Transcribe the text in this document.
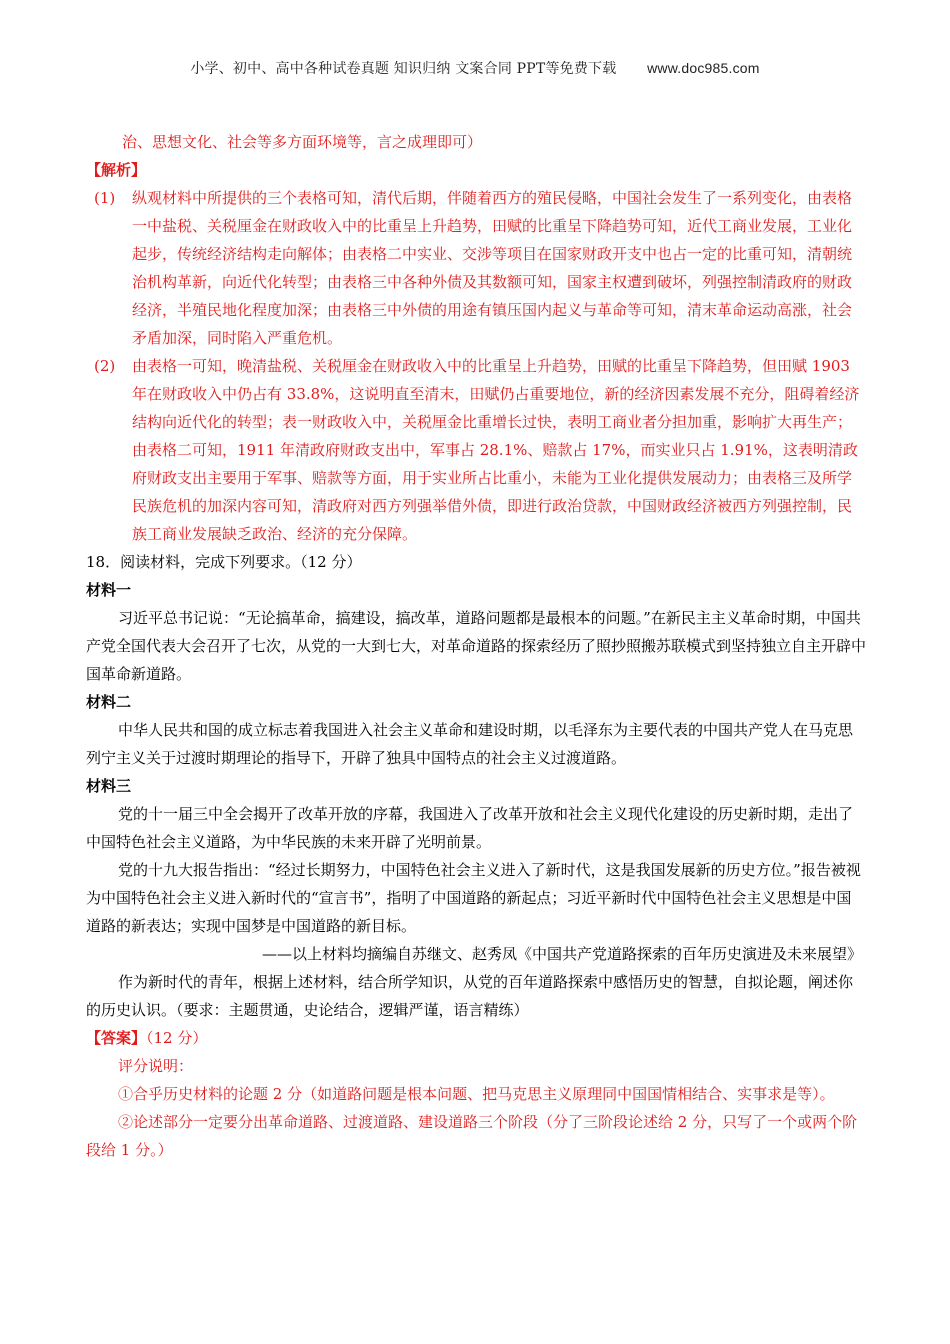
小学、初中、高中各种试卷真题 知识归纳 文案合同 PPT等免费下载 www.doc985.com

治、思想文化、社会等多方面环境等，言之成理即可）

【解析】

(1)	纵观材料中所提供的三个表格可知，清代后期，伴随着西方的殖民侵略，中国社会发生了一系列变化，由表格一中盐税、关税厘金在财政收入中的比重呈上升趋势，田赋的比重呈下降趋势可知，近代工商业发展，工业化起步，传统经济结构走向解体；由表格二中实业、交涉等项目在国家财政开支中也占一定的比重可知，清朝统治机构革新，向近代化转型；由表格三中各种外债及其数额可知，国家主权遭到破坏，列强控制清政府的财政经济，半殖民地化程度加深；由表格三中外债的用途有镇压国内起义与革命等可知，清末革命运动高涨，社会矛盾加深，同时陷入严重危机。
(2)	由表格一可知，晚清盐税、关税厘金在财政收入中的比重呈上升趋势，田赋的比重呈下降趋势，但田赋 1903 年在财政收入中仍占有 33.8%，这说明直至清末，田赋仍占重要地位，新的经济因素发展不充分，阻碍着经济结构向近代化的转型；表一财政收入中，关税厘金比重增长过快，表明工商业者分担加重，影响扩大再生产；由表格二可知，1911 年清政府财政支出中，军事占 28.1%、赔款占 17%，而实业只占 1.91%，这表明清政府财政支出主要用于军事、赔款等方面，用于实业所占比重小，未能为工业化提供发展动力；由表格三及所学民族危机的加深内容可知，清政府对西方列强举借外债，即进行政治贷款，中国财政经济被西方列强控制，民族工商业发展缺乏政治、经济的充分保障。

18．阅读材料，完成下列要求。（12 分）

材料一

习近平总书记说：“无论搞革命，搞建设，搞改革，道路问题都是最根本的问题。”在新民主主义革命时期，中国共产党全国代表大会召开了七次，从党的一大到七大，对革命道路的探索经历了照抄照搬苏联模式到坚持独立自主开辟中国革命新道路。

材料二

中华人民共和国的成立标志着我国进入社会主义革命和建设时期，以毛泽东为主要代表的中国共产党人在马克思列宁主义关于过渡时期理论的指导下，开辟了独具中国特点的社会主义过渡道路。

材料三

党的十一届三中全会揭开了改革开放的序幕，我国进入了改革开放和社会主义现代化建设的历史新时期，走出了中国特色社会主义道路，为中华民族的未来开辟了光明前景。

党的十九大报告指出：“经过长期努力，中国特色社会主义进入了新时代，这是我国发展新的历史方位。”报告被视为中国特色社会主义进入新时代的“宣言书”，指明了中国道路的新起点；习近平新时代中国特色社会主义思想是中国道路的新表达；实现中国梦是中国道路的新目标。

——以上材料均摘编自苏继文、赵秀凤《中国共产党道路探索的百年历史演进及未来展望》

作为新时代的青年，根据上述材料，结合所学知识，从党的百年道路探索中感悟历史的智慧，自拟论题，阐述你的历史认识。（要求：主题贯通，史论结合，逻辑严谨，语言精练）

【答案】（12 分）

评分说明：

①合乎历史材料的论题 2 分（如道路问题是根本问题、把马克思主义原理同中国国情相结合、实事求是等）。

②论述部分一定要分出革命道路、过渡道路、建设道路三个阶段（分了三阶段论述给 2 分，只写了一个或两个阶段给 1 分。）
